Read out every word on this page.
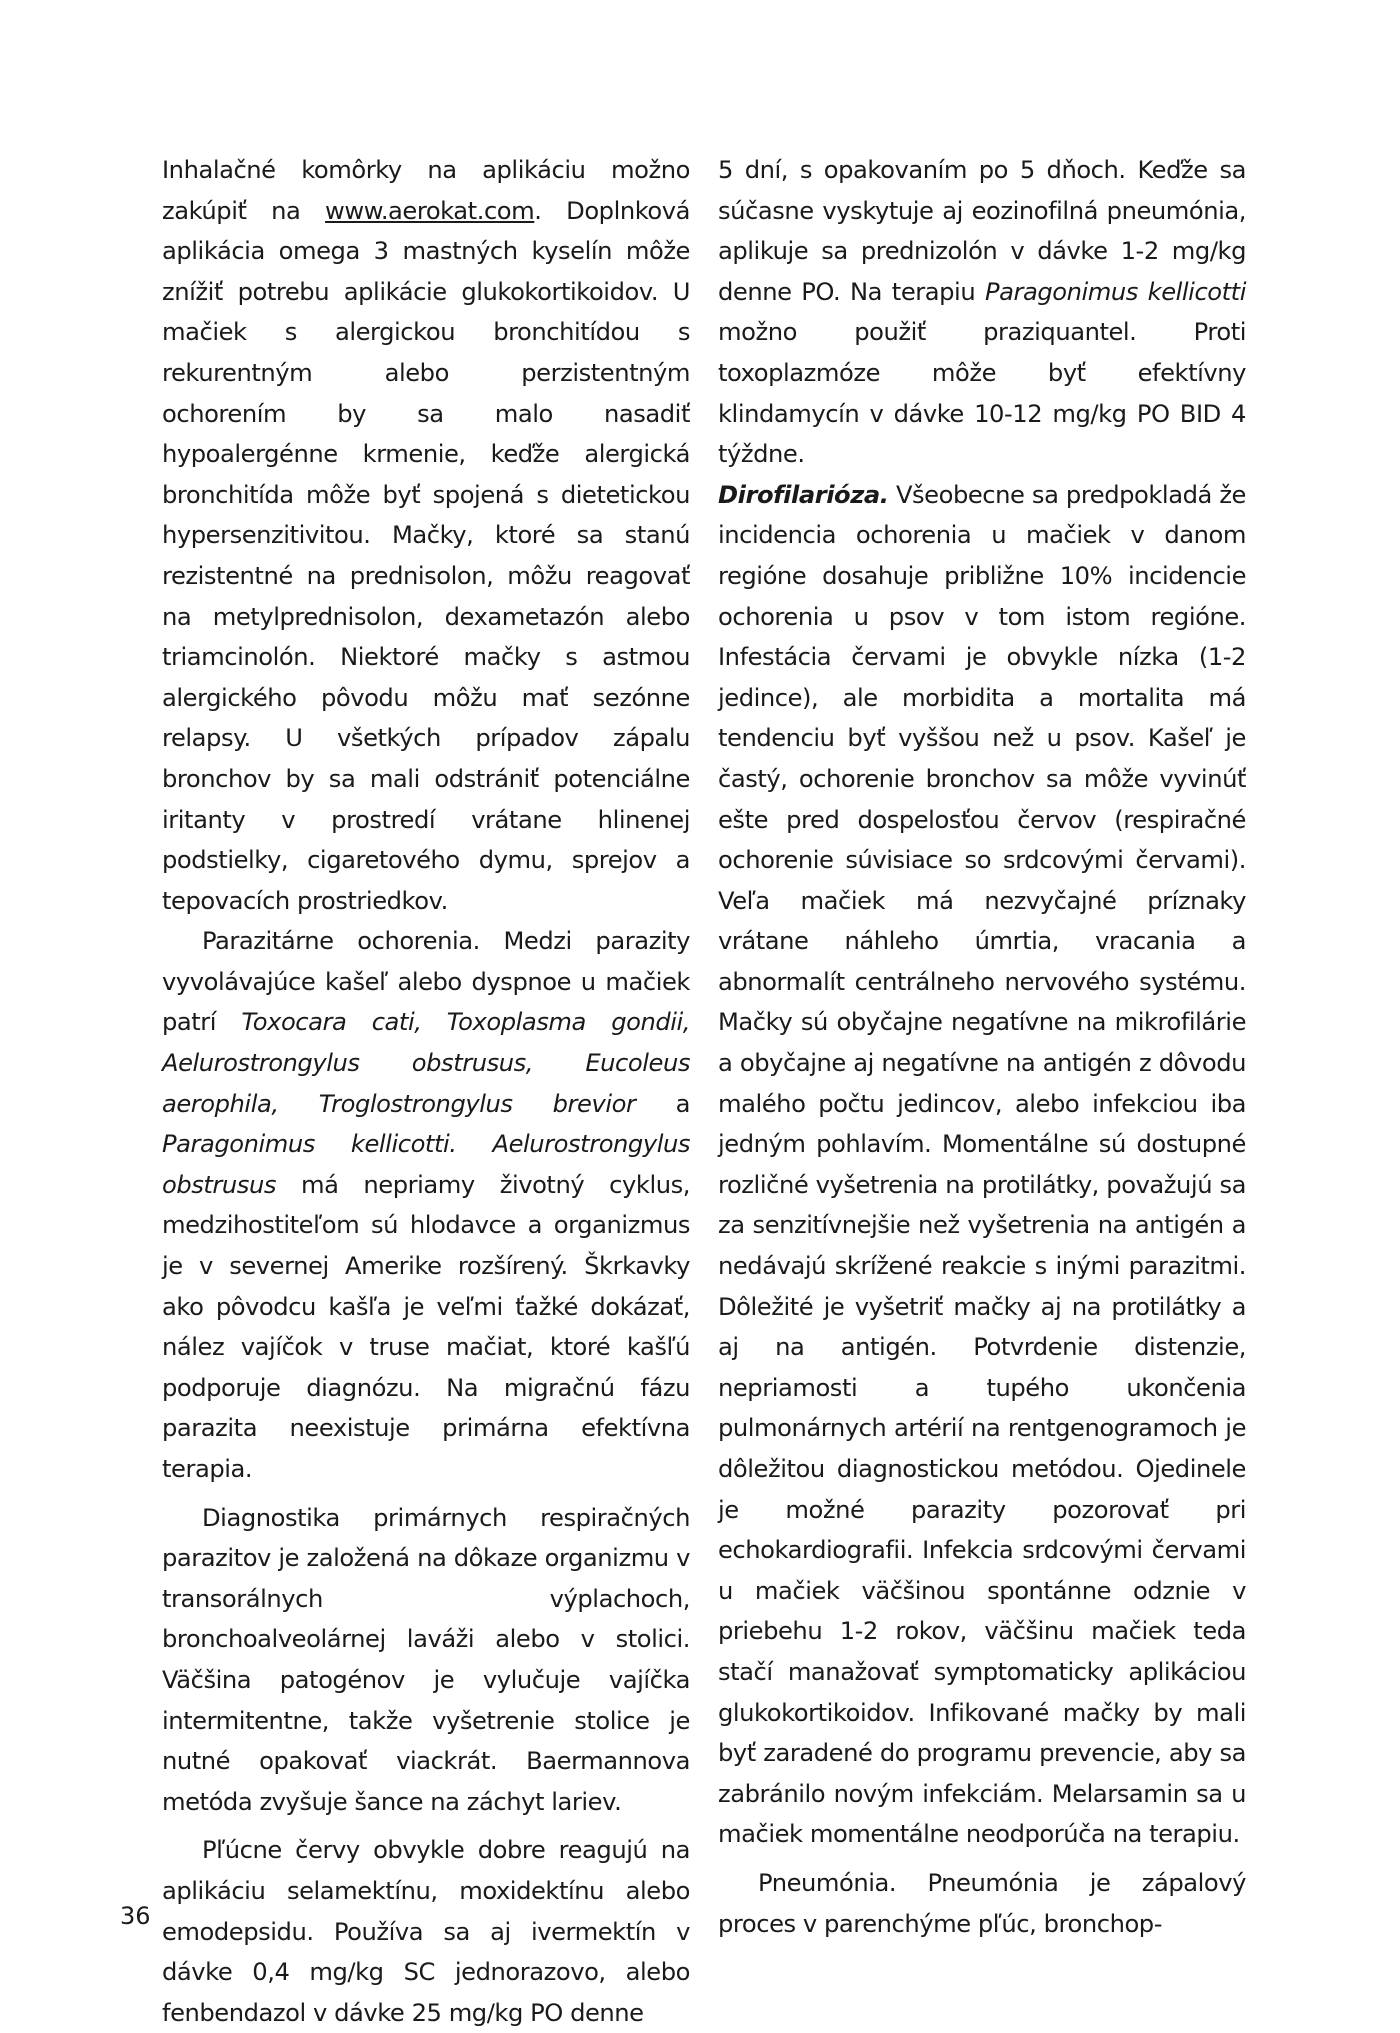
Inhalačné komôrky na aplikáciu možno zakúpiť na www.aerokat.com. Doplnková aplikácia omega 3 mastných kyselín môže znížiť potrebu aplikácie glukokortikoidov. U mačiek s alergickou bronchitídou s rekurentným alebo perzistentným ochorením by sa malo nasadiť hypoalergénne krmenie, keďže alergická bronchitída môže byť spojená s dietetickou hypersenzitivitou. Mačky, ktoré sa stanú rezistentné na prednisolon, môžu reagovať na metylprednisolon, dexametazón alebo triamcinolón. Niektoré mačky s astmou alergického pôvodu môžu mať sezónne relapsy. U všetkých prípadov zápalu bronchov by sa mali odstrániť potenciálne iritanty v prostredí vrátane hlinenej podstielky, cigaretového dymu, sprejov a tepovacích prostriedkov.

Parazitárne ochorenia. Medzi parazity vyvolávajúce kašeľ alebo dyspnoe u mačiek patrí Toxocara cati, Toxoplasma gondii, Aelurostrongylus obstrusus, Eucoleus aerophila, Troglostrongylus brevior a Paragonimus kellicotti. Aelurostrongylus obstrusus má nepriamy životný cyklus, medzihostiteľom sú hlodavce a organizmus je v severnej Amerike rozšírený. Škrkavky ako pôvodcu kašľa je veľmi ťažké dokázať, nález vajíčok v truse mačiat, ktoré kašľú podporuje diagnózu. Na migračnú fázu parazita neexistuje primárna efektívna terapia.

Diagnostika primárnych respiračných parazitov je založená na dôkaze organizmu v transorálnych výplachoch, bronchoalveolárnej laváži alebo v stolici. Väčšina patogénov je vylučuje vajíčka intermitentne, takže vyšetrenie stolice je nutné opakovať viackrát. Baermannova metóda zvyšuje šance na záchyt lariev.

Pľúcne červy obvykle dobre reagujú na aplikáciu selamektínu, moxidektínu alebo emodepsidu. Používa sa aj ivermektín v dávke 0,4 mg/kg SC jednorazovo, alebo fenbendazol v dávke 25 mg/kg PO denne

5 dní, s opakovaním po 5 dňoch. Keďže sa súčasne vyskytuje aj eozinofilná pneumónia, aplikuje sa prednizolón v dávke 1-2 mg/kg denne PO. Na terapiu Paragonimus kellicotti možno použiť praziquantel. Proti toxoplazmóze môže byť efektívny klindamycín v dávke 10-12 mg/kg PO BID 4 týždne.

Dirofilarióza. Všeobecne sa predpokladá že incidencia ochorenia u mačiek v danom regióne dosahuje približne 10% incidencie ochorenia u psov v tom istom regióne. Infestácia červami je obvykle nízka (1-2 jedince), ale morbidita a mortalita má tendenciu byť vyššou než u psov. Kašeľ je častý, ochorenie bronchov sa môže vyvinúť ešte pred dospelosťou červov (respiračné ochorenie súvisiace so srdcovými červami). Veľa mačiek má nezvyčajné príznaky vrátane náhleho úmrtia, vracania a abnormalít centrálneho nervového systému. Mačky sú obyčajne negatívne na mikrofilárie a obyčajne aj negatívne na antigén z dôvodu malého počtu jedincov, alebo infekciou iba jedným pohlavím. Momentálne sú dostupné rozličné vyšetrenia na protilátky, považujú sa za senzitívnejšie než vyšetrenia na antigén a nedávajú skrížené reakcie s inými parazitmi. Dôležité je vyšetriť mačky aj na protilátky a aj na antigén. Potvrdenie distenzie, nepriamosti a tupého ukončenia pulmonárnych artérií na rentgenogramoch je dôležitou diagnostickou metódou. Ojedinele je možné parazity pozorovať pri echokardiografii. Infekcia srdcovými červami u mačiek väčšinou spontánne odznie v priebehu 1-2 rokov, väčšinu mačiek teda stačí manažovať symptomaticky aplikáciou glukokortikoidov. Infikované mačky by mali byť zaradené do programu prevencie, aby sa zabránilo novým infekciám. Melarsamin sa u mačiek momentálne neodporúča na terapiu.

Pneumónia. Pneumónia je zápalový proces v parenchýme pľúc, bronchop-

36
